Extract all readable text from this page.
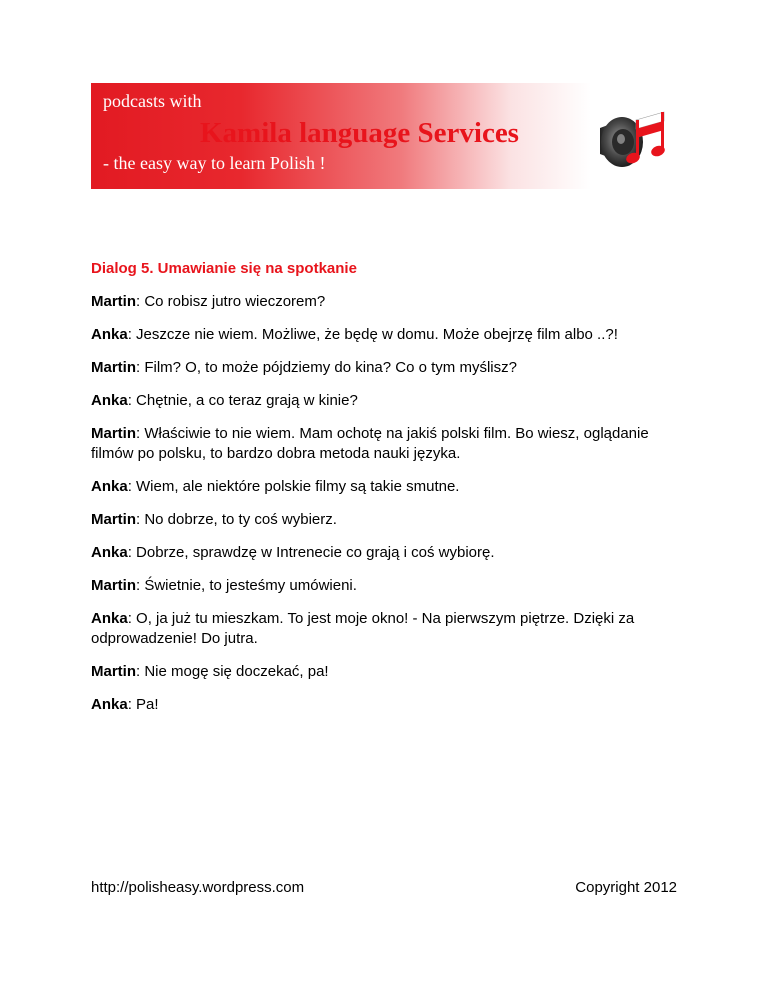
podcasts with
Kamila language Services
- the easy way to learn Polish !
Dialog 5. Umawianie się na spotkanie
Martin: Co robisz jutro wieczorem?
Anka: Jeszcze nie wiem. Możliwe, że będę w domu. Może obejrzę film albo ..?!
Martin: Film? O, to może pójdziemy do kina? Co o tym myślisz?
Anka: Chętnie, a co teraz grają w kinie?
Martin: Właściwie to nie wiem. Mam ochotę na jakiś polski film. Bo wiesz, oglądanie filmów po polsku, to bardzo dobra metoda nauki języka.
Anka: Wiem, ale niektóre polskie filmy są takie smutne.
Martin: No dobrze, to ty coś wybierz.
Anka: Dobrze, sprawdzę w Intrenecie co grają i coś wybiorę.
Martin: Świetnie, to jesteśmy umówieni.
Anka: O, ja już tu mieszkam. To jest moje okno! - Na pierwszym piętrze. Dzięki za odprowadzenie! Do jutra.
Martin: Nie mogę się doczekać, pa!
Anka: Pa!
http://polisheasy.wordpress.com	Copyright 2012
